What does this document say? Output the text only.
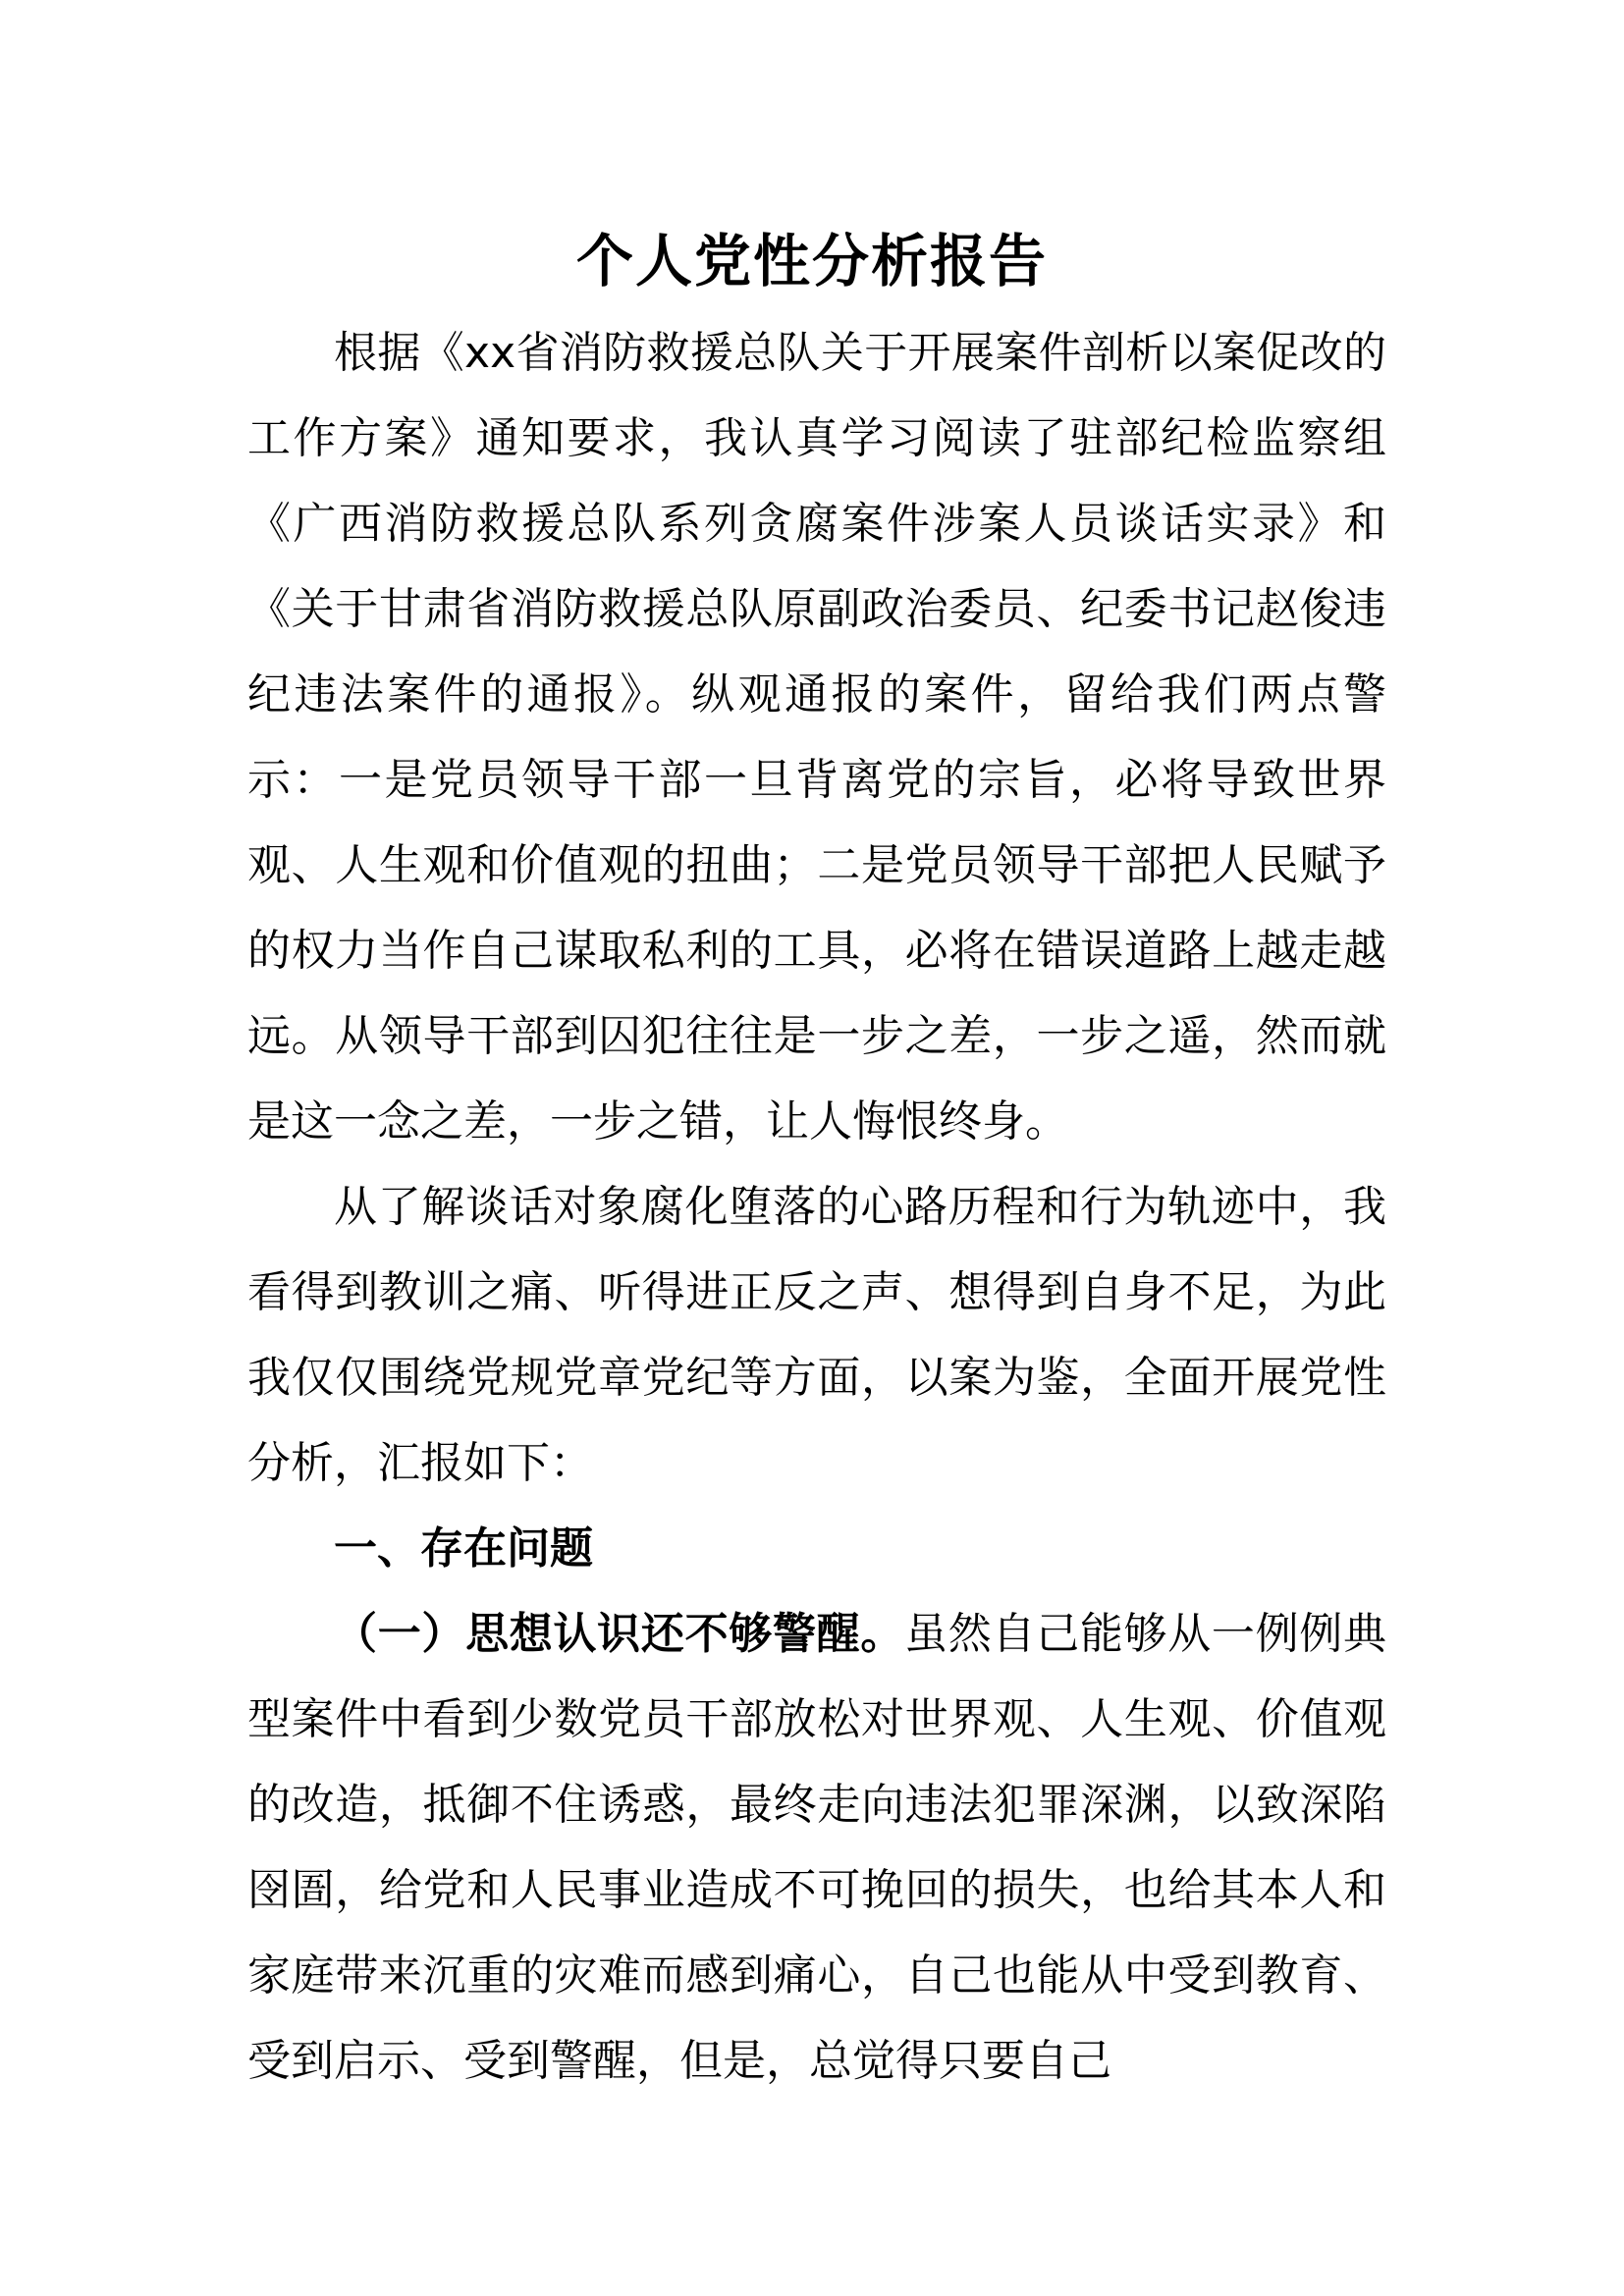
个人党性分析报告

根据《xx省消防救援总队关于开展案件剖析以案促改的工作方案》通知要求，我认真学习阅读了驻部纪检监察组《广西消防救援总队系列贪腐案件涉案人员谈话实录》和《关于甘肃省消防救援总队原副政治委员、纪委书记赵俊违纪违法案件的通报》。纵观通报的案件，留给我们两点警示：一是党员领导干部一旦背离党的宗旨，必将导致世界观、人生观和价值观的扭曲；二是党员领导干部把人民赋予的权力当作自己谋取私利的工具，必将在错误道路上越走越远。从领导干部到囚犯往往是一步之差，一步之遥，然而就是这一念之差，一步之错，让人悔恨终身。

从了解谈话对象腐化堕落的心路历程和行为轨迹中，我看得到教训之痛、听得进正反之声、想得到自身不足，为此我仅仅围绕党规党章党纪等方面，以案为鉴，全面开展党性分析，汇报如下：

一、存在问题

（一）思想认识还不够警醒。虽然自己能够从一例例典型案件中看到少数党员干部放松对世界观、人生观、价值观的改造，抵御不住诱惑，最终走向违法犯罪深渊，以致深陷囹圄，给党和人民事业造成不可挽回的损失，也给其本人和家庭带来沉重的灾难而感到痛心，自己也能从中受到教育、受到启示、受到警醒，但是，总觉得只要自己
